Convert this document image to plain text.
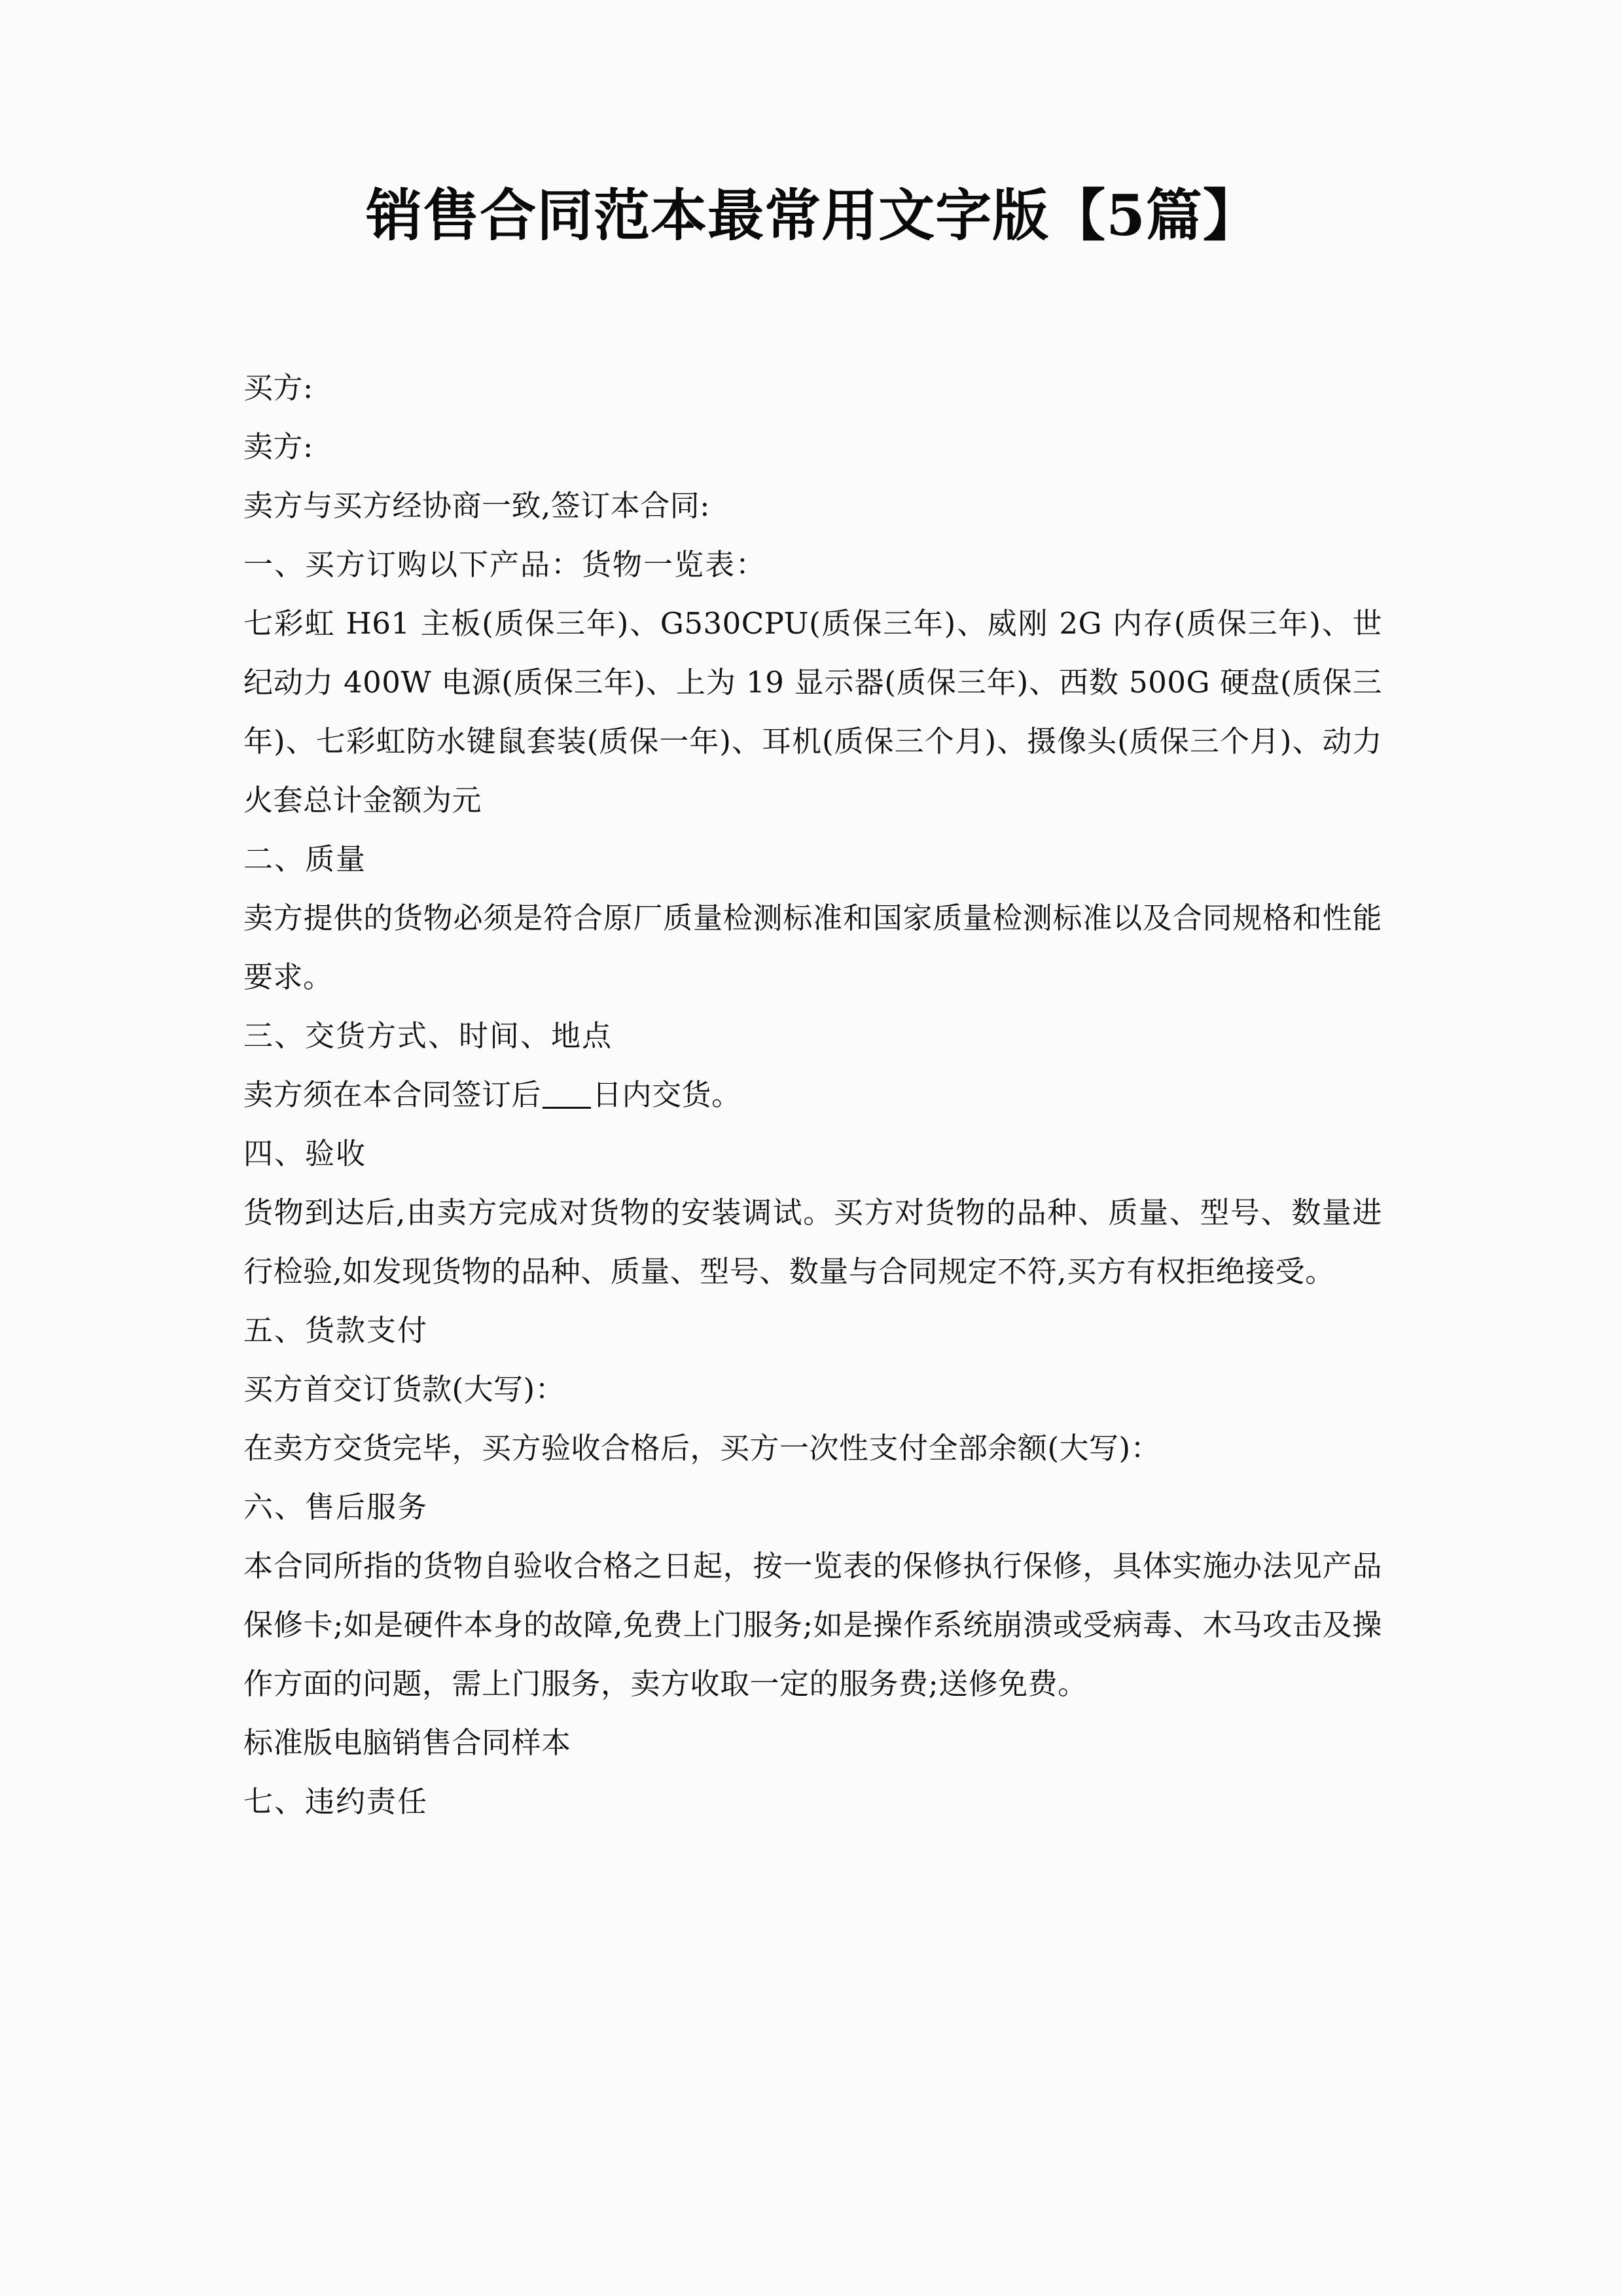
销售合同范本最常用文字版【5篇】

买方:

卖方:

卖方与买方经协商一致,签订本合同:

一、买方订购以下产品：货物一览表：

七彩虹 H61 主板(质保三年)、G530CPU(质保三年)、威刚 2G 内存(质保三年)、世纪动力 400W 电源(质保三年)、上为 19 显示器(质保三年)、西数 500G 硬盘(质保三年)、七彩虹防水键鼠套装(质保一年)、耳机(质保三个月)、摄像头(质保三个月)、动力火套总计金额为元

二、质量

卖方提供的货物必须是符合原厂质量检测标准和国家质量检测标准以及合同规格和性能要求。

三、交货方式、时间、地点

卖方须在本合同签订后 日内交货。

四、验收

货物到达后,由卖方完成对货物的安装调试。买方对货物的品种、质量、型号、数量进行检验,如发现货物的品种、质量、型号、数量与合同规定不符,买方有权拒绝接受。

五、货款支付

买方首交订货款(大写)：

在卖方交货完毕，买方验收合格后，买方一次性支付全部余额(大写)：

六、售后服务

本合同所指的货物自验收合格之日起，按一览表的保修执行保修，具体实施办法见产品保修卡;如是硬件本身的故障,免费上门服务;如是操作系统崩溃或受病毒、木马攻击及操作方面的问题，需上门服务，卖方收取一定的服务费;送修免费。

标准版电脑销售合同样本

七、违约责任
